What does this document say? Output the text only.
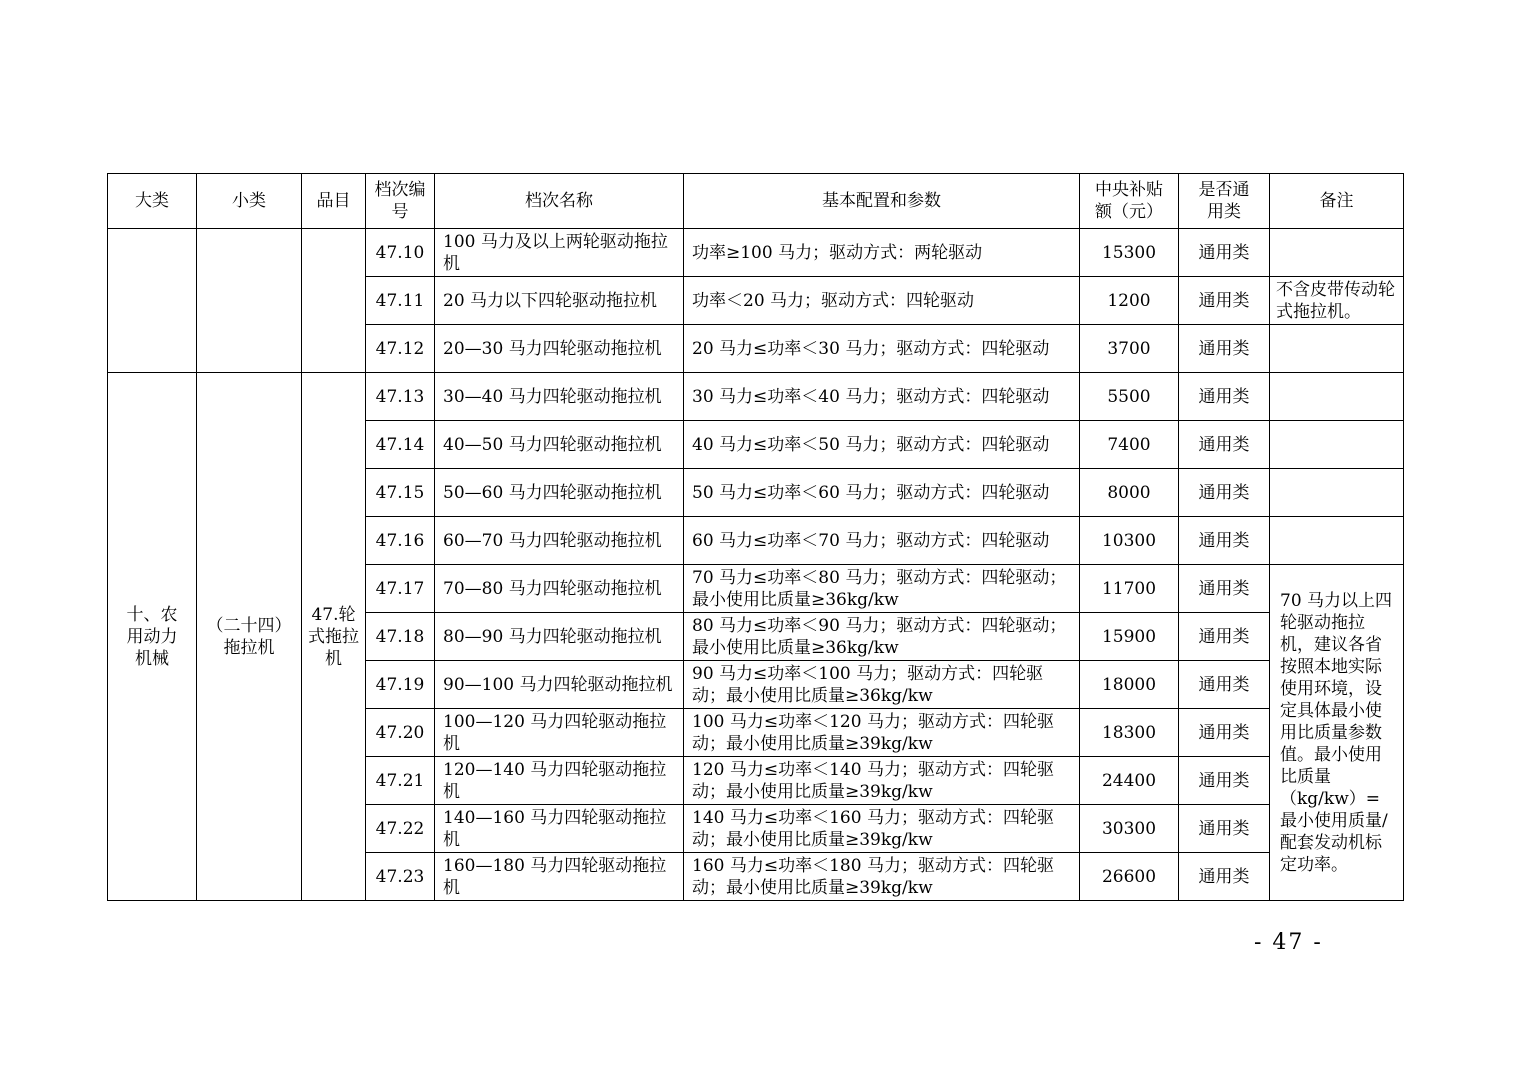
大类	小类	品目	档次编号	档次名称	基本配置和参数	中央补贴额（元）	是否通用类	备注
			47.10	100 马力及以上两轮驱动拖拉机	功率≥100 马力；驱动方式：两轮驱动	15300	通用类	
			47.11	20 马力以下四轮驱动拖拉机	功率＜20 马力；驱动方式：四轮驱动	1200	通用类	不含皮带传动轮式拖拉机。
			47.12	20—30 马力四轮驱动拖拉机	20 马力≤功率＜30 马力；驱动方式：四轮驱动	3700	通用类	
十、农用动力机械	（二十四）拖拉机	47.轮式拖拉机	47.13	30—40 马力四轮驱动拖拉机	30 马力≤功率＜40 马力；驱动方式：四轮驱动	5500	通用类	
			47.14	40—50 马力四轮驱动拖拉机	40 马力≤功率＜50 马力；驱动方式：四轮驱动	7400	通用类	
			47.15	50—60 马力四轮驱动拖拉机	50 马力≤功率＜60 马力；驱动方式：四轮驱动	8000	通用类	
			47.16	60—70 马力四轮驱动拖拉机	60 马力≤功率＜70 马力；驱动方式：四轮驱动	10300	通用类	
			47.17	70—80 马力四轮驱动拖拉机	70 马力≤功率＜80 马力；驱动方式：四轮驱动；最小使用比质量≥36kg/kw	11700	通用类	70 马力以上四轮驱动拖拉机，建议各省按照本地实际使用环境，设定具体最小使用比质量参数值。最小使用比质量（kg/kw）=最小使用质量/配套发动机标定功率。
			47.18	80—90 马力四轮驱动拖拉机	80 马力≤功率＜90 马力；驱动方式：四轮驱动；最小使用比质量≥36kg/kw	15900	通用类	
			47.19	90—100 马力四轮驱动拖拉机	90 马力≤功率＜100 马力；驱动方式：四轮驱动；最小使用比质量≥36kg/kw	18000	通用类	
			47.20	100—120 马力四轮驱动拖拉机	100 马力≤功率＜120 马力；驱动方式：四轮驱动；最小使用比质量≥39kg/kw	18300	通用类	
			47.21	120—140 马力四轮驱动拖拉机	120 马力≤功率＜140 马力；驱动方式：四轮驱动；最小使用比质量≥39kg/kw	24400	通用类	
			47.22	140—160 马力四轮驱动拖拉机	140 马力≤功率＜160 马力；驱动方式：四轮驱动；最小使用比质量≥39kg/kw	30300	通用类	
			47.23	160—180 马力四轮驱动拖拉机	160 马力≤功率＜180 马力；驱动方式：四轮驱动；最小使用比质量≥39kg/kw	26600	通用类	
- 47 -
